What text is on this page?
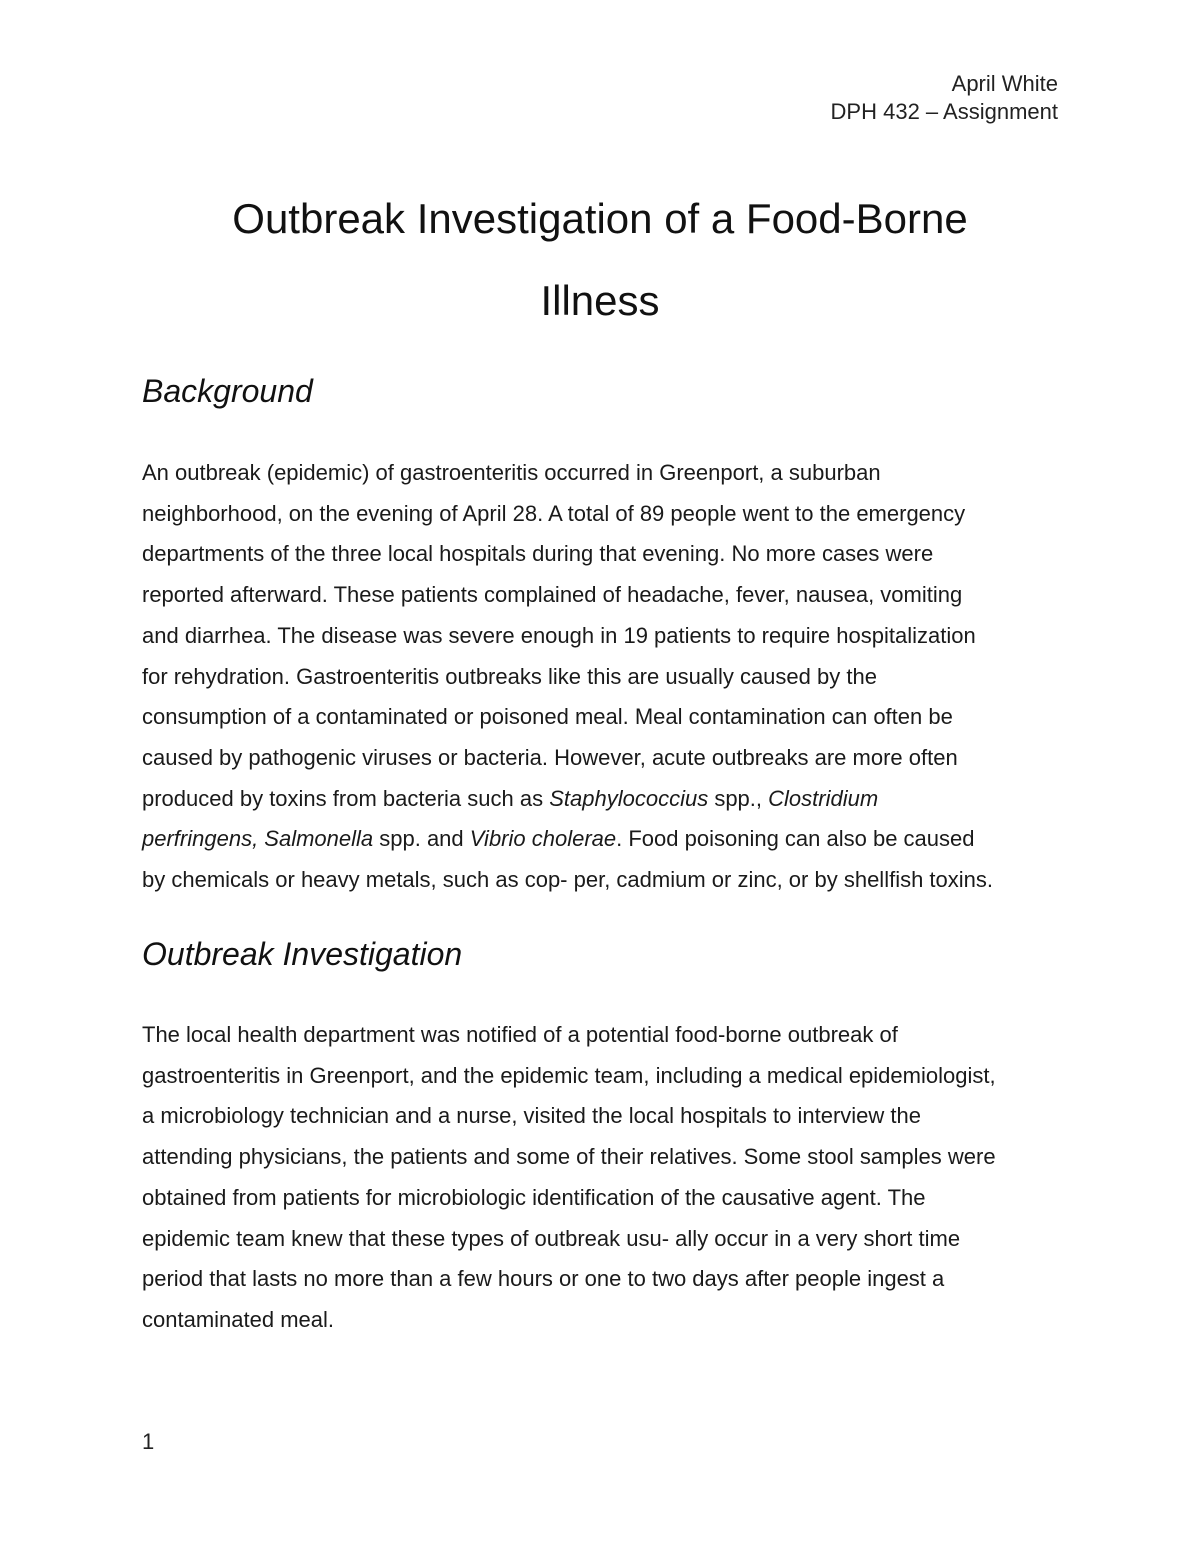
April White
DPH 432 – Assignment
Outbreak Investigation of a Food-Borne
Illness
Background

An outbreak (epidemic) of gastroenteritis occurred in Greenport, a suburban
neighborhood, on the evening of April 28. A total of 89 people went to the emergency
departments of the three local hospitals during that evening. No more cases were
reported afterward. These patients complained of headache, fever, nausea, vomiting
and diarrhea. The disease was severe enough in 19 patients to require hospitalization
for rehydration. Gastroenteritis outbreaks like this are usually caused by the
consumption of a contaminated or poisoned meal. Meal contamination can often be
caused by pathogenic viruses or bacteria. However, acute outbreaks are more often
produced by toxins from bacteria such as Staphylococcius spp., Clostridium
perfringens, Salmonella spp. and Vibrio cholerae. Food poisoning can also be caused
by chemicals or heavy metals, such as cop- per, cadmium or zinc, or by shellfish toxins.

Outbreak Investigation

The local health department was notified of a potential food-borne outbreak of
gastroenteritis in Greenport, and the epidemic team, including a medical epidemiologist,
a microbiology technician and a nurse, visited the local hospitals to interview the
attending physicians, the patients and some of their relatives. Some stool samples were
obtained from patients for microbiologic identification of the causative agent. The
epidemic team knew that these types of outbreak usu- ally occur in a very short time
period that lasts no more than a few hours or one to two days after people ingest a
contaminated meal.

1
